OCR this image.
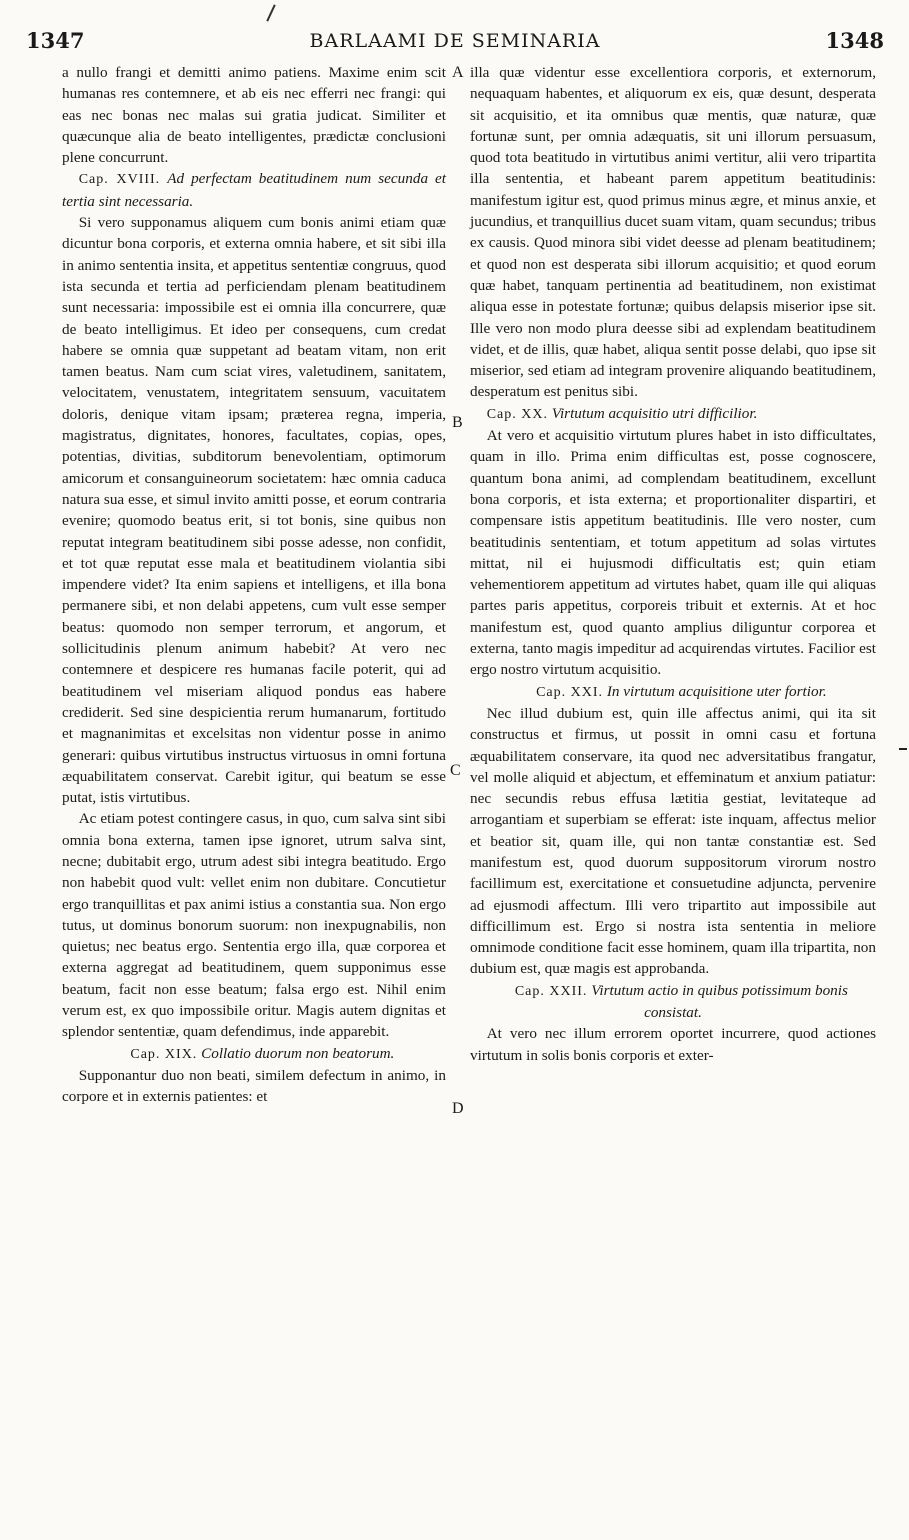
1347	BARLAAMI DE SEMINARIA	1348

a nullo frangi et demitti animo patiens. Maxime enim scit humanas res contemnere, et ab eis nec efferri nec frangi: qui eas nec bonas nec malas sui gratia judicat. Similiter et quæcunque alia de beato intelligentes, prædictæ conclusioni plene concurrunt.

Cap. XVIII. Ad perfectam beatitudinem num secunda et tertia sint necessaria.

Si vero supponamus aliquem cum bonis animi etiam quæ dicuntur bona corporis, et externa omnia habere, et sit sibi illa in animo sententia insita, et appetitus sententiæ congruus, quod ista secunda et tertia ad perficiendam plenam beatitudinem sunt necessaria: impossibile est ei omnia illa concurrere, quæ de beato intelligimus. Et ideo per consequens, cum credat habere se omnia quæ suppetant ad beatam vitam, non erit tamen beatus. Nam cum sciat vires, valetudinem, sanitatem, velocitatem, venustatem, integritatem sensuum, vacuitatem doloris, denique vitam ipsam; præterea regna, imperia, magistratus, dignitates, honores, facultates, copias, opes, potentias, divitias, subditorum benevolentiam, optimorum amicorum et consanguineorum societatem: hæc omnia caduca natura sua esse, et simul invito amitti posse, et eorum contraria evenire; quomodo beatus erit, si tot bonis, sine quibus non reputat integram beatitudinem sibi posse adesse, non confidit, et tot quæ reputat esse mala et beatitudinem violantia sibi impendere videt? Ita enim sapiens et intelligens, et illa bona permanere sibi, et non delabi appetens, cum vult esse semper beatus: quomodo non semper terrorum, et angorum, et sollicitudinis plenum animum habebit? At vero nec contemnere et despicere res humanas facile poterit, qui ad beatitudinem vel miseriam aliquod pondus eas habere crediderit. Sed sine despicientia rerum humanarum, fortitudo et magnanimitas et excelsitas non videntur posse in animo generari: quibus virtutibus instructus virtuosus in omni fortuna æquabilitatem conservat. Carebit igitur, qui beatum se esse putat, istis virtutibus.

Ac etiam potest contingere casus, in quo, cum salva sint sibi omnia bona externa, tamen ipse ignoret, utrum salva sint, necne; dubitabit ergo, utrum adest sibi integra beatitudo. Ergo non habebit quod vult: vellet enim non dubitare. Concutietur ergo tranquillitas et pax animi istius a constantia sua. Non ergo tutus, ut dominus bonorum suorum: non inexpugnabilis, non quietus; nec beatus ergo. Sententia ergo illa, quæ corporea et externa aggregat ad beatitudinem, quem supponimus esse beatum, facit non esse beatum; falsa ergo est. Nihil enim verum est, ex quo impossibile oritur. Magis autem dignitas et splendor sententiæ, quam defendimus, inde apparebit.

Cap. XIX. Collatio duorum non beatorum.

Supponantur duo non beati, similem defectum in animo, in corpore et in externis patientes: et

illa quæ videntur esse excellentiora corporis, et externorum, nequaquam habentes, et aliquorum ex eis, quæ desunt, desperata sit acquisitio, et ita omnibus quæ mentis, quæ naturæ, quæ fortunæ sunt, per omnia adæquatis, sit uni illorum persuasum, quod tota beatitudo in virtutibus animi vertitur, alii vero tripartita illa sententia, et habeant parem appetitum beatitudinis: manifestum igitur est, quod primus minus ægre, et minus anxie, et jucundius, et tranquillius ducet suam vitam, quam secundus; tribus ex causis. Quod minora sibi videt deesse ad plenam beatitudinem; et quod non est desperata sibi illorum acquisitio; et quod eorum quæ habet, tanquam pertinentia ad beatitudinem, non existimat aliqua esse in potestate fortunæ; quibus delapsis miserior ipse sit. Ille vero non modo plura deesse sibi ad explendam beatitudinem videt, et de illis, quæ habet, aliqua sentit posse delabi, quo ipse sit miserior, sed etiam ad integram provenire aliquando beatitudinem, desperatum est penitus sibi.

Cap. XX. Virtutum acquisitio utri difficilior.

At vero et acquisitio virtutum plures habet in isto difficultates, quam in illo. Prima enim difficultas est, posse cognoscere, quantum bona animi, ad complendam beatitudinem, excellunt bona corporis, et ista externa; et proportionaliter dispartiri, et compensare istis appetitum beatitudinis. Ille vero noster, cum beatitudinis sententiam, et totum appetitum ad solas virtutes mittat, nil ei hujusmodi difficultatis est; quin etiam vehementiorem appetitum ad virtutes habet, quam ille qui aliquas partes paris appetitus, corporeis tribuit et externis. At et hoc manifestum est, quod quanto amplius diliguntur corporea et externa, tanto magis impeditur ad acquirendas virtutes. Facilior est ergo nostro virtutum acquisitio.

Cap. XXI. In virtutum acquisitione uter fortior.

Nec illud dubium est, quin ille affectus animi, qui ita sit constructus et firmus, ut possit in omni casu et fortuna æquabilitatem conservare, ita quod nec adversitatibus frangatur, vel molle aliquid et abjectum, et effeminatum et anxium patiatur: nec secundis rebus effusa lætitia gestiat, levitateque ad arrogantiam et superbiam se efferat: iste inquam, affectus melior et beatior sit, quam ille, qui non tantæ constantiæ est. Sed manifestum est, quod duorum suppositorum virorum nostro facillimum est, exercitatione et consuetudine adjuncta, pervenire ad ejusmodi affectum. Illi vero tripartito aut impossibile aut difficillimum est. Ergo si nostra ista sententia in meliore omnimode conditione facit esse hominem, quam illa tripartita, non dubium est, quæ magis est approbanda.

Cap. XXII. Virtutum actio in quibus potissimum bonis consistat.

At vero nec illum errorem oportet incurrere, quod actiones virtutum in solis bonis corporis et exter-

A
B
C
D
